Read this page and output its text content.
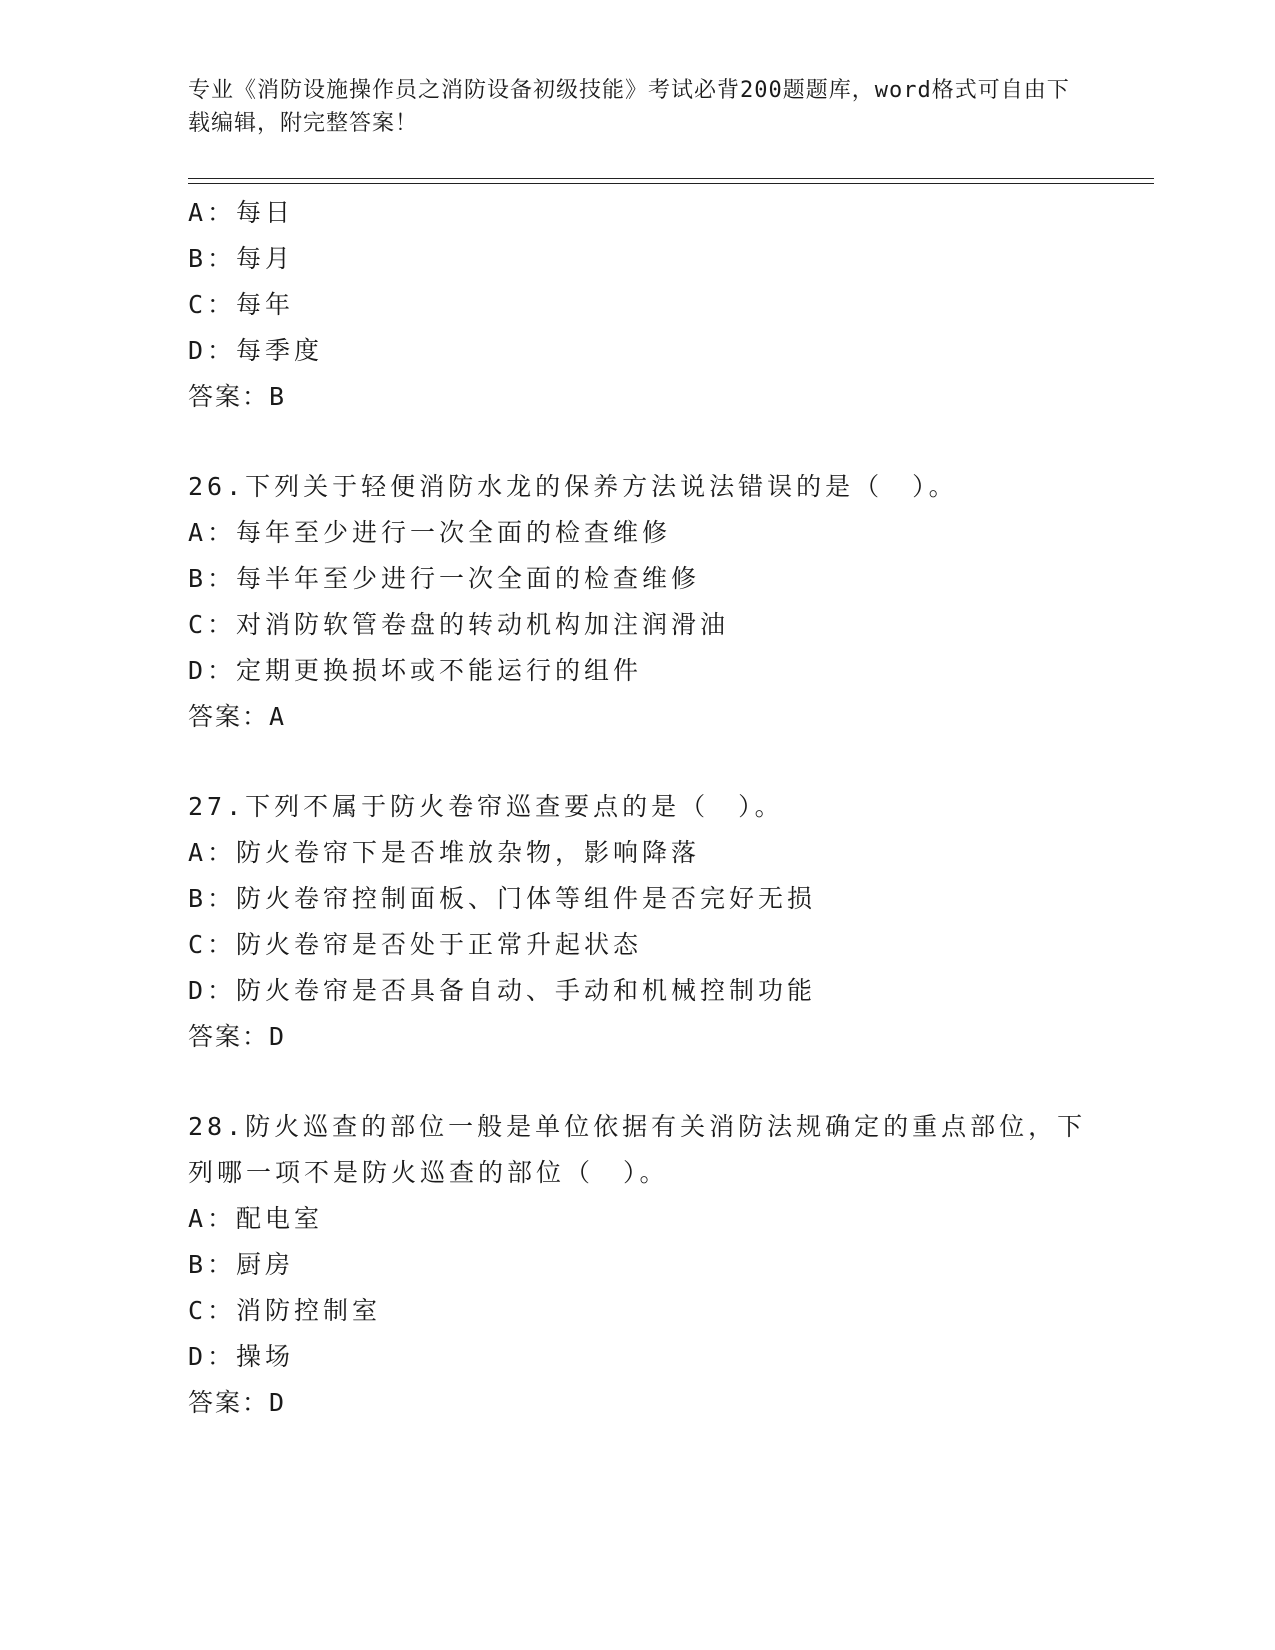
专业《消防设施操作员之消防设备初级技能》考试必背200题题库，word格式可自由下载编辑，附完整答案！
A：每日
B：每月
C：每年
D：每季度
答案：B
26.下列关于轻便消防水龙的保养方法说法错误的是（　）。
A：每年至少进行一次全面的检查维修
B：每半年至少进行一次全面的检查维修
C：对消防软管卷盘的转动机构加注润滑油
D：定期更换损坏或不能运行的组件
答案：A
27.下列不属于防火卷帘巡查要点的是（　）。
A：防火卷帘下是否堆放杂物，影响降落
B：防火卷帘控制面板、门体等组件是否完好无损
C：防火卷帘是否处于正常升起状态
D：防火卷帘是否具备自动、手动和机械控制功能
答案：D
28.防火巡查的部位一般是单位依据有关消防法规确定的重点部位，下列哪一项不是防火巡查的部位（　）。
A：配电室
B：厨房
C：消防控制室
D：操场
答案：D
